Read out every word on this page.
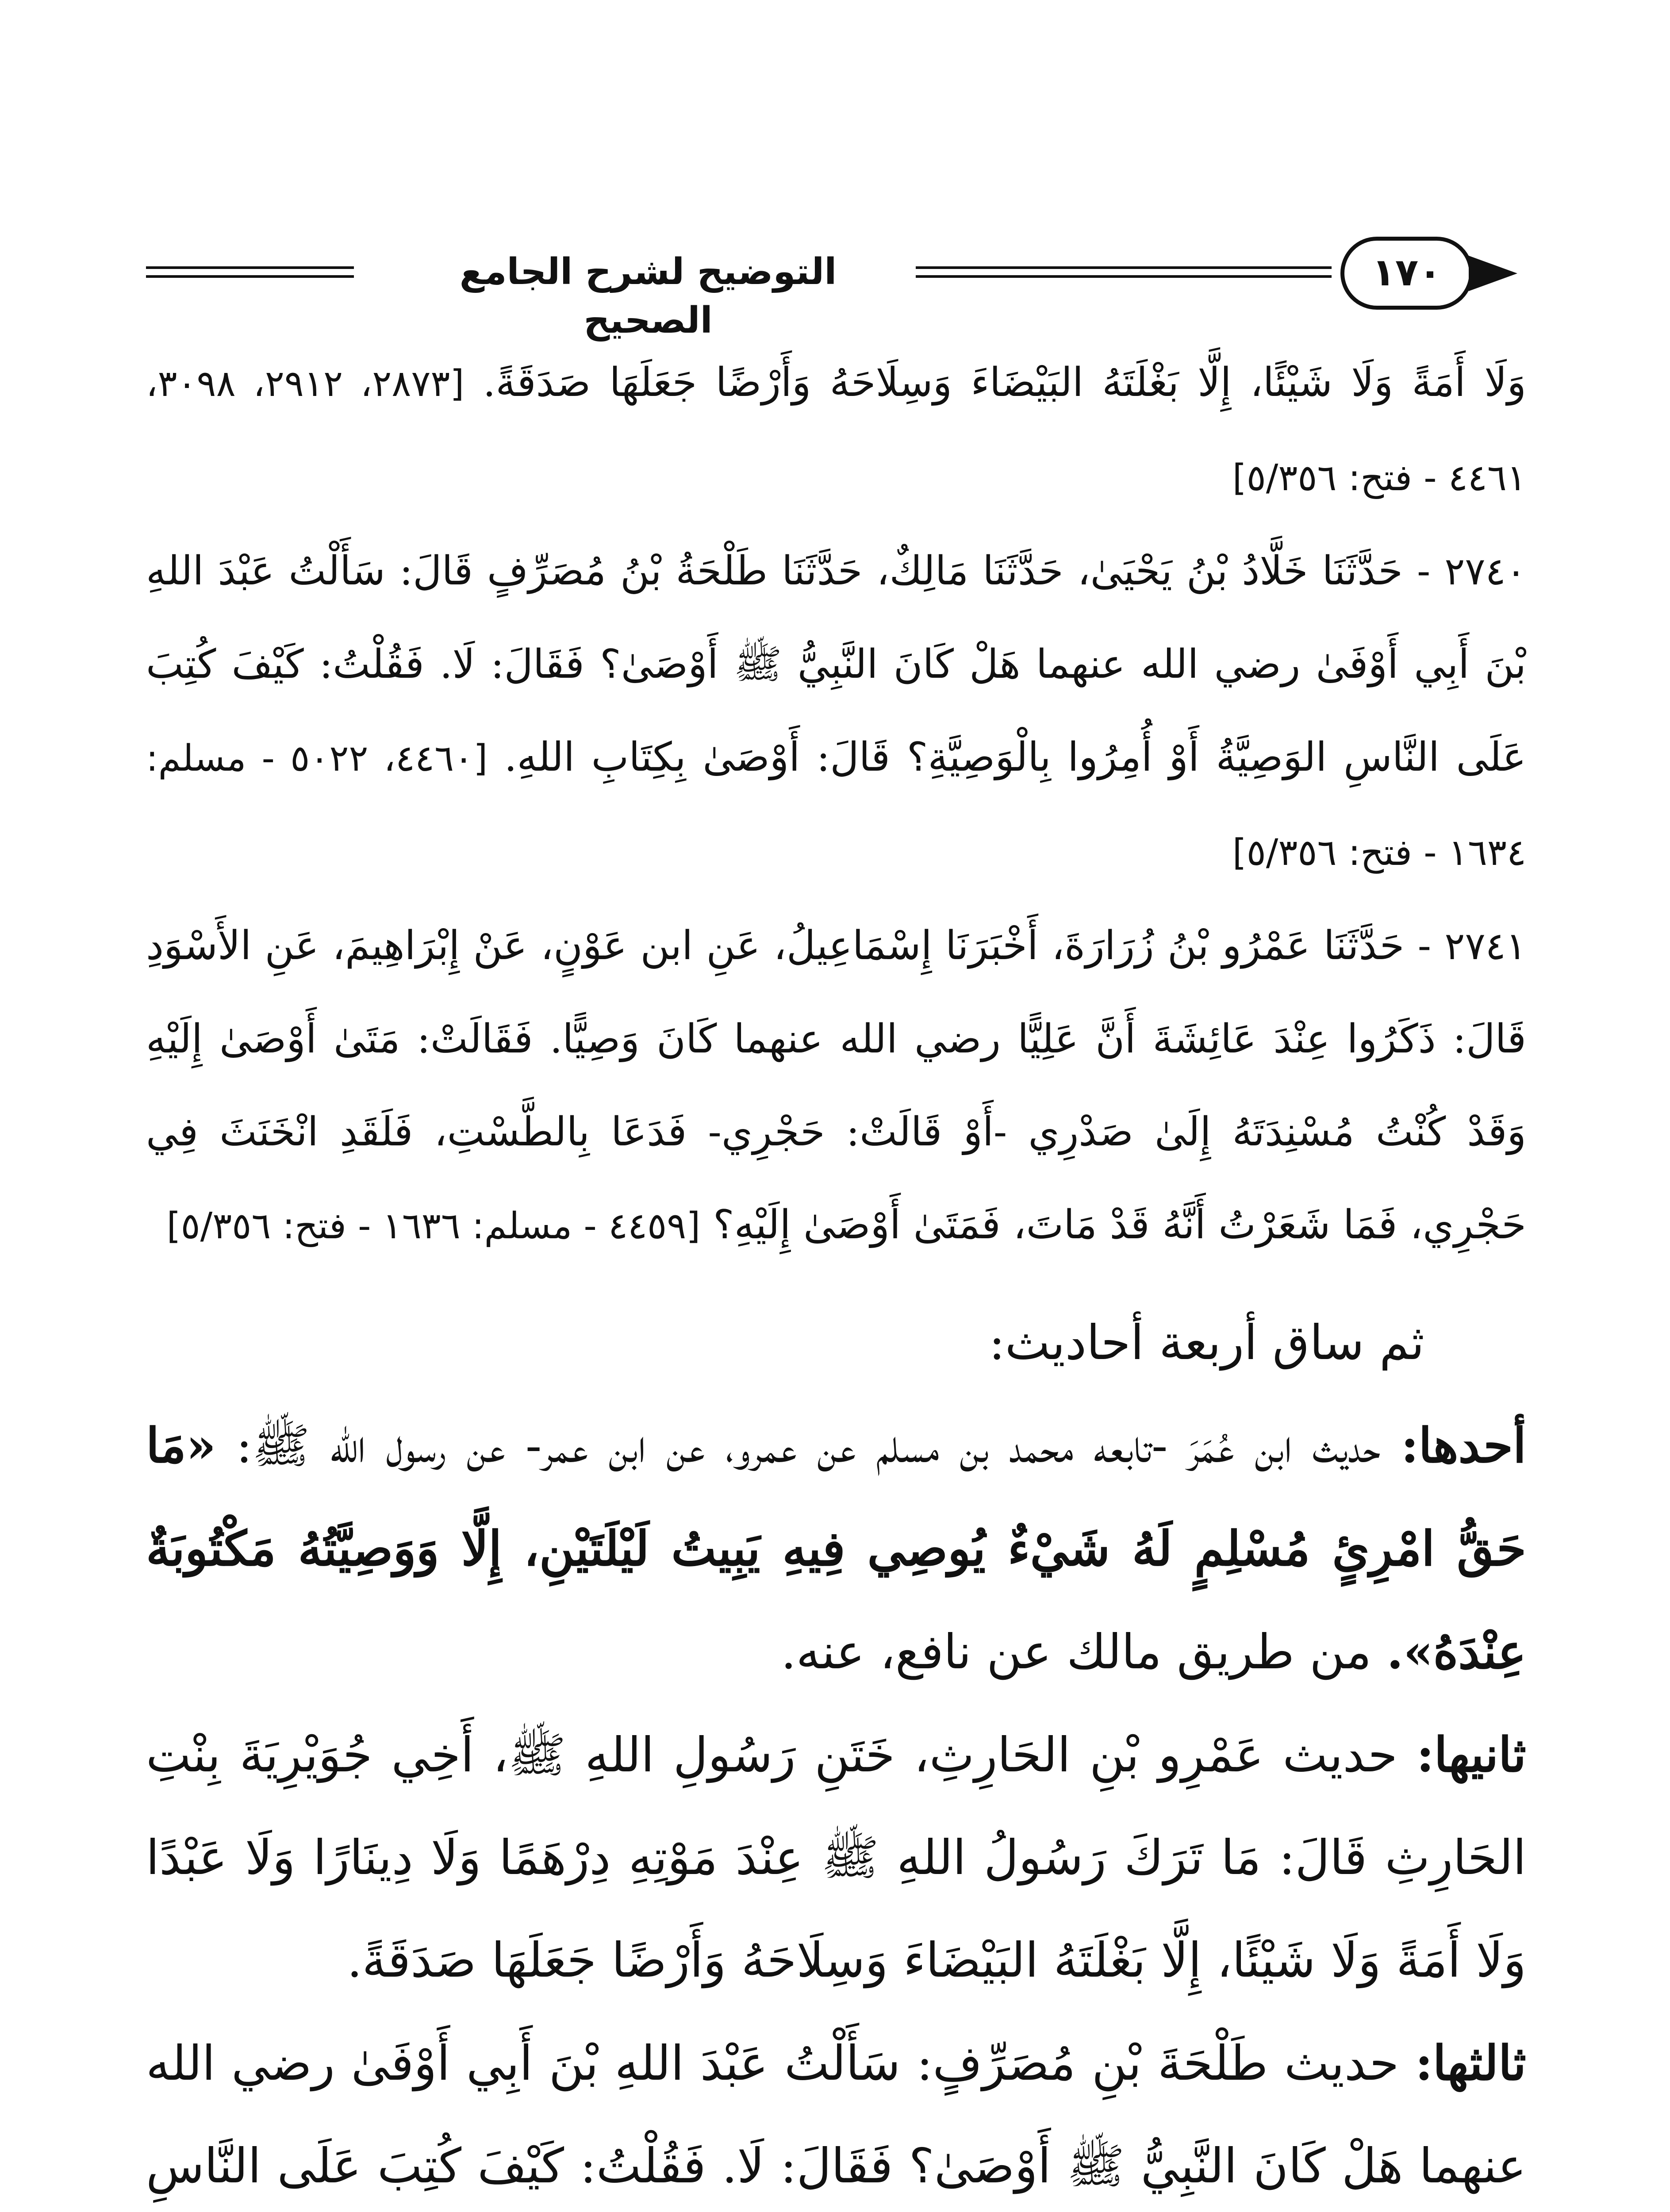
التوضيح لشرح الجامع الصحيح
١٧٠

وَلَا أَمَةً وَلَا شَيْئًا، إِلَّا بَغْلَتَهُ البَيْضَاءَ وَسِلَاحَهُ وَأَرْضًا جَعَلَهَا صَدَقَةً. [٢٨٧٣، ٢٩١٢، ٣٠٩٨، ٤٤٦١ - فتح: ٥/٣٥٦]

٢٧٤٠ - حَدَّثَنَا خَلَّادُ بْنُ يَحْيَىٰ، حَدَّثَنَا مَالِكٌ، حَدَّثَنَا طَلْحَةُ بْنُ مُصَرِّفٍ قَالَ: سَأَلْتُ عَبْدَ اللهِ بْنَ أَبِي أَوْفَىٰ رضي الله عنهما هَلْ كَانَ النَّبِيُّ ﷺ أَوْصَىٰ؟ فَقَالَ: لَا. فَقُلْتُ: كَيْفَ كُتِبَ عَلَى النَّاسِ الوَصِيَّةُ أَوْ أُمِرُوا بِالْوَصِيَّةِ؟ قَالَ: أَوْصَىٰ بِكِتَابِ اللهِ. [٤٤٦٠، ٥٠٢٢ - مسلم: ١٦٣٤ - فتح: ٥/٣٥٦]

٢٧٤١ - حَدَّثَنَا عَمْرُو بْنُ زُرَارَةَ، أَخْبَرَنَا إِسْمَاعِيلُ، عَنِ ابن عَوْنٍ، عَنْ إِبْرَاهِيمَ، عَنِ الأَسْوَدِ قَالَ: ذَكَرُوا عِنْدَ عَائِشَةَ أَنَّ عَلِيًّا رضي الله عنهما كَانَ وَصِيًّا. فَقَالَتْ: مَتَىٰ أَوْصَىٰ إِلَيْهِ وَقَدْ كُنْتُ مُسْنِدَتَهُ إِلَىٰ صَدْرِي -أَوْ قَالَتْ: حَجْرِي- فَدَعَا بِالطَّسْتِ، فَلَقَدِ انْخَنَثَ فِي حَجْرِي، فَمَا شَعَرْتُ أَنَّهُ قَدْ مَاتَ، فَمَتَىٰ أَوْصَىٰ إِلَيْهِ؟ [٤٤٥٩ - مسلم: ١٦٣٦ - فتح: ٥/٣٥٦]

ثم ساق أربعة أحاديث:

أحدها: حديث ابن عُمَرَ -تابعه محمد بن مسلم عن عمرو، عن ابن عمر- عن رسول الله ﷺ: «مَا حَقُّ امْرِئٍ مُسْلِمٍ لَهُ شَيْءٌ يُوصِي فِيهِ يَبِيتُ لَيْلَتَيْنِ، إِلَّا وَوَصِيَّتُهُ مَكْتُوبَةٌ عِنْدَهُ». من طريق مالك عن نافع، عنه.

ثانيها: حديث عَمْرِو بْنِ الحَارِثِ، خَتَنِ رَسُولِ اللهِ ﷺ، أَخِي جُوَيْرِيَةَ بِنْتِ الحَارِثِ قَالَ: مَا تَرَكَ رَسُولُ اللهِ ﷺ عِنْدَ مَوْتِهِ دِرْهَمًا وَلَا دِينَارًا وَلَا عَبْدًا وَلَا أَمَةً وَلَا شَيْئًا، إِلَّا بَغْلَتَهُ البَيْضَاءَ وَسِلَاحَهُ وَأَرْضًا جَعَلَهَا صَدَقَةً.

ثالثها: حديث طَلْحَةَ بْنِ مُصَرِّفٍ: سَأَلْتُ عَبْدَ اللهِ بْنَ أَبِي أَوْفَىٰ رضي الله عنهما هَلْ كَانَ النَّبِيُّ ﷺ أَوْصَىٰ؟ فَقَالَ: لَا. فَقُلْتُ: كَيْفَ كُتِبَ عَلَى النَّاسِ
